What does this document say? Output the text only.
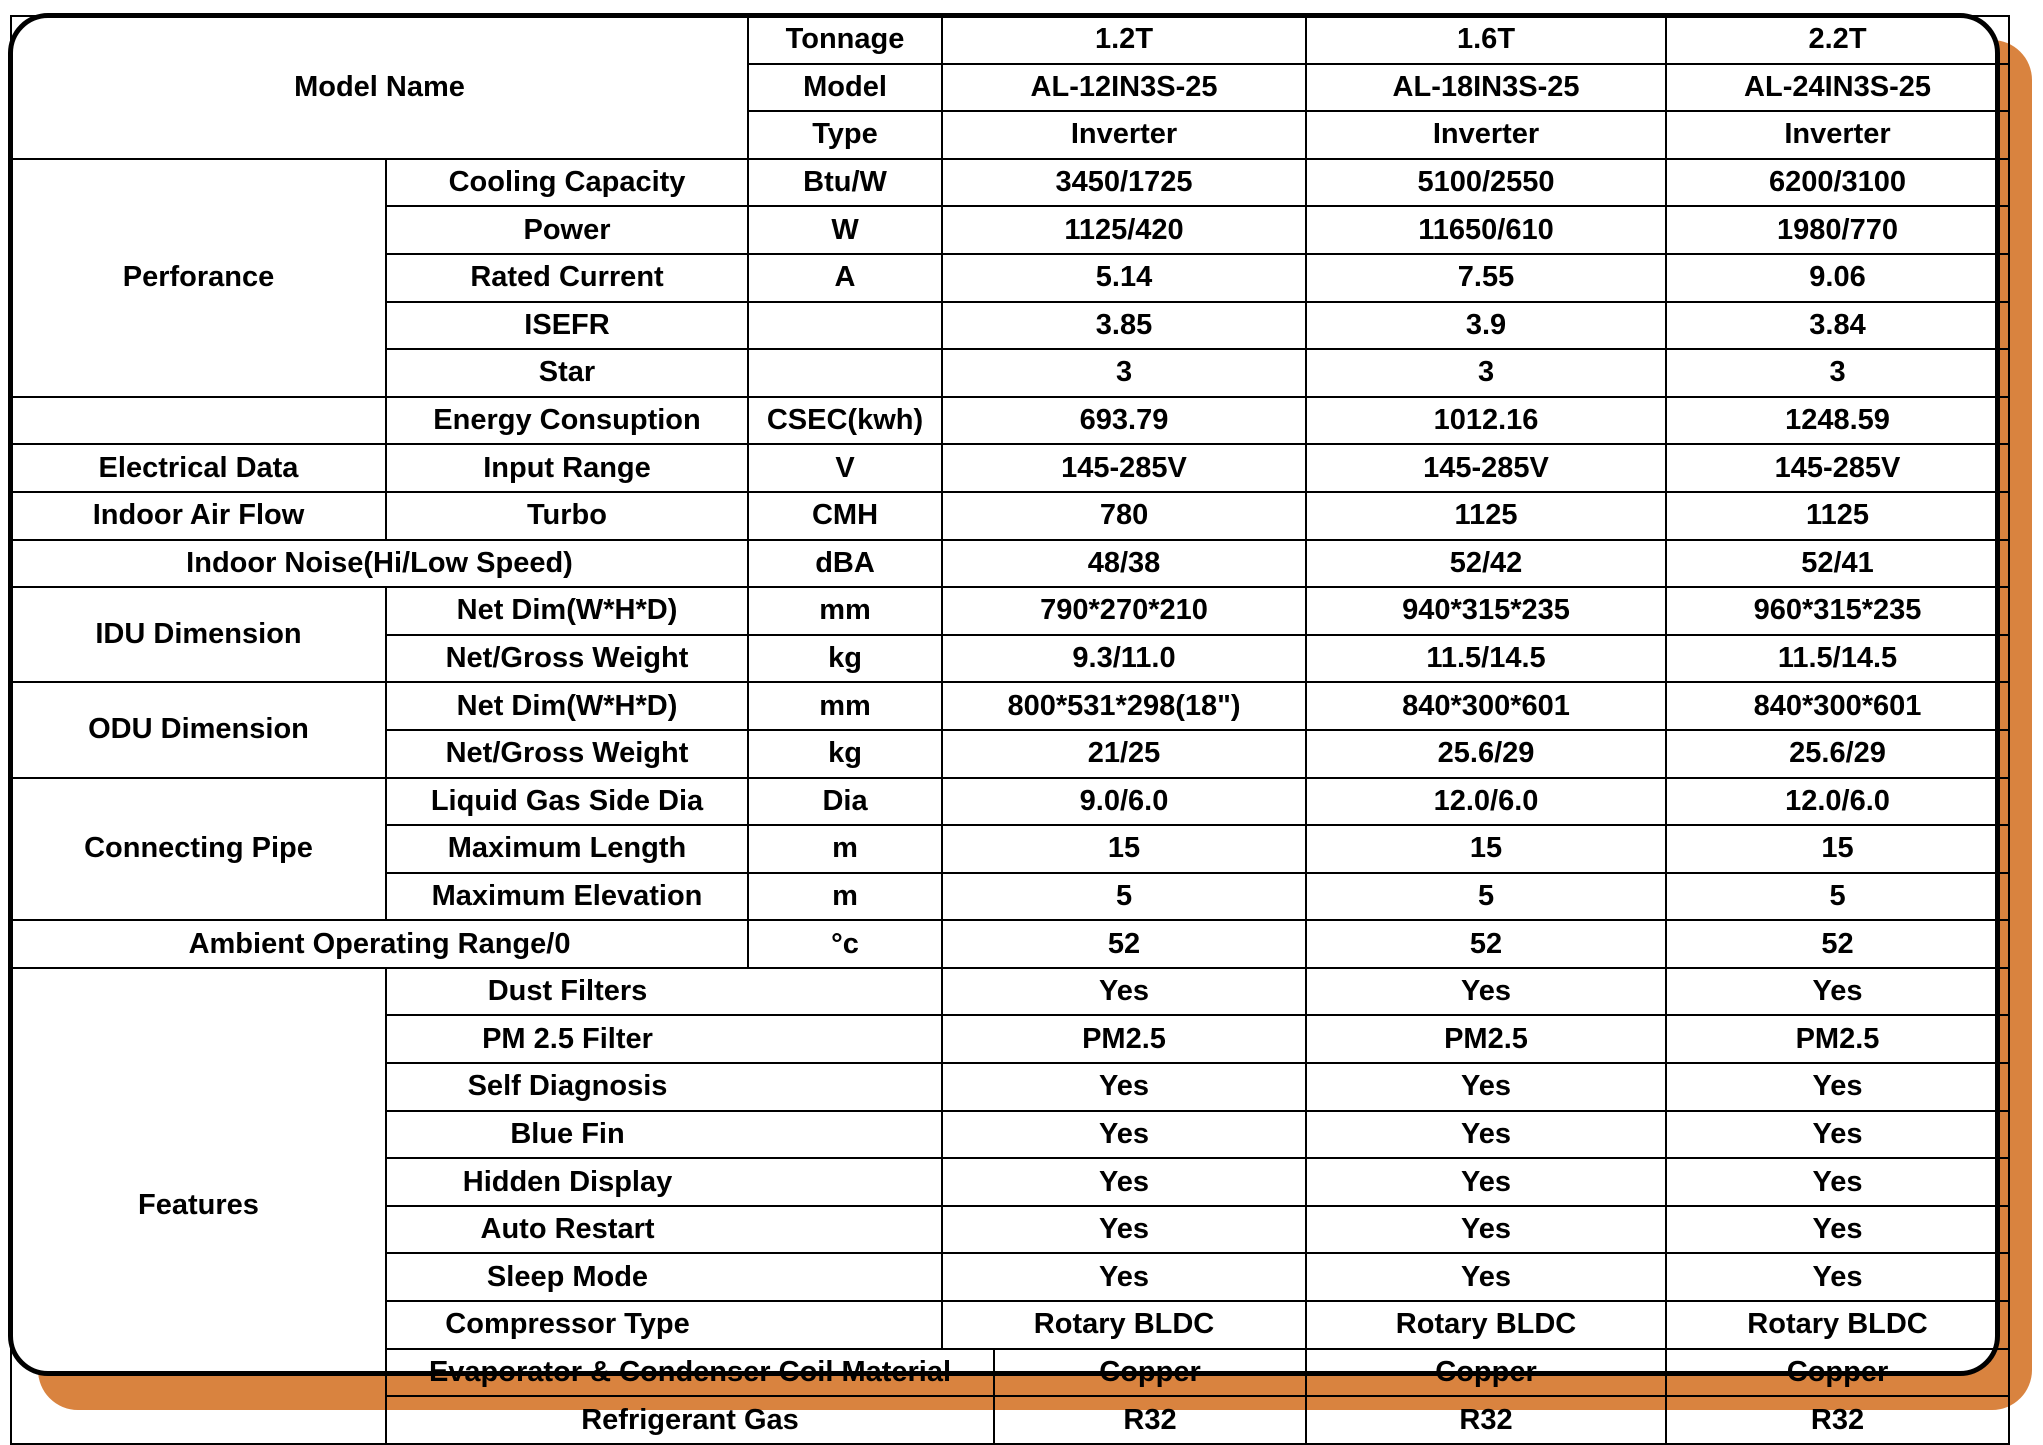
Model Name		Tonnage	1.2T		1.6T	2.2T
		Model	AL-12IN3S-25		AL-18IN3S-25	AL-24IN3S-25
		Type	Inverter		Inverter	Inverter
Perforance	Cooling Capacity	Btu/W	3450/1725		5100/2550	6200/3100
	Power	W	1125/420		11650/610	1980/770
	Rated Current	A	5.14		7.55	9.06
	ISEFR		3.85		3.9	3.84
	Star		3		3	3
	Energy Consuption	CSEC(kwh)	693.79		1012.16	1248.59
Electrical Data	Input Range	V	145-285V		145-285V	145-285V
Indoor Air Flow	Turbo	CMH	780		1125	1125
Indoor Noise(Hi/Low Speed)		dBA	48/38		52/42	52/41
IDU Dimension	Net Dim(W*H*D)	mm	790*270*210		940*315*235	960*315*235
	Net/Gross Weight	kg	9.3/11.0		11.5/14.5	11.5/14.5
ODU Dimension	Net Dim(W*H*D)	mm	800*531*298(18")		840*300*601	840*300*601
	Net/Gross Weight	kg	21/25		25.6/29	25.6/29
Connecting Pipe	Liquid Gas Side Dia	Dia	9.0/6.0		12.0/6.0	12.0/6.0
	Maximum Length	m	15		15	15
	Maximum Elevation	m	5		5	5
Ambient Operating Range/0		°c	52		52	52
Features	Dust Filters		Yes		Yes	Yes
	PM 2.5 Filter		PM2.5		PM2.5	PM2.5
	Self Diagnosis		Yes		Yes	Yes
	Blue Fin		Yes		Yes	Yes
	Hidden Display		Yes		Yes	Yes
	Auto Restart		Yes		Yes	Yes
	Sleep Mode		Yes		Yes	Yes
	Compressor Type		Rotary BLDC		Rotary BLDC	Rotary BLDC
	Evaporator & Condenser Coil Material			Copper	Copper	Copper
	Refrigerant Gas			R32	R32	R32
